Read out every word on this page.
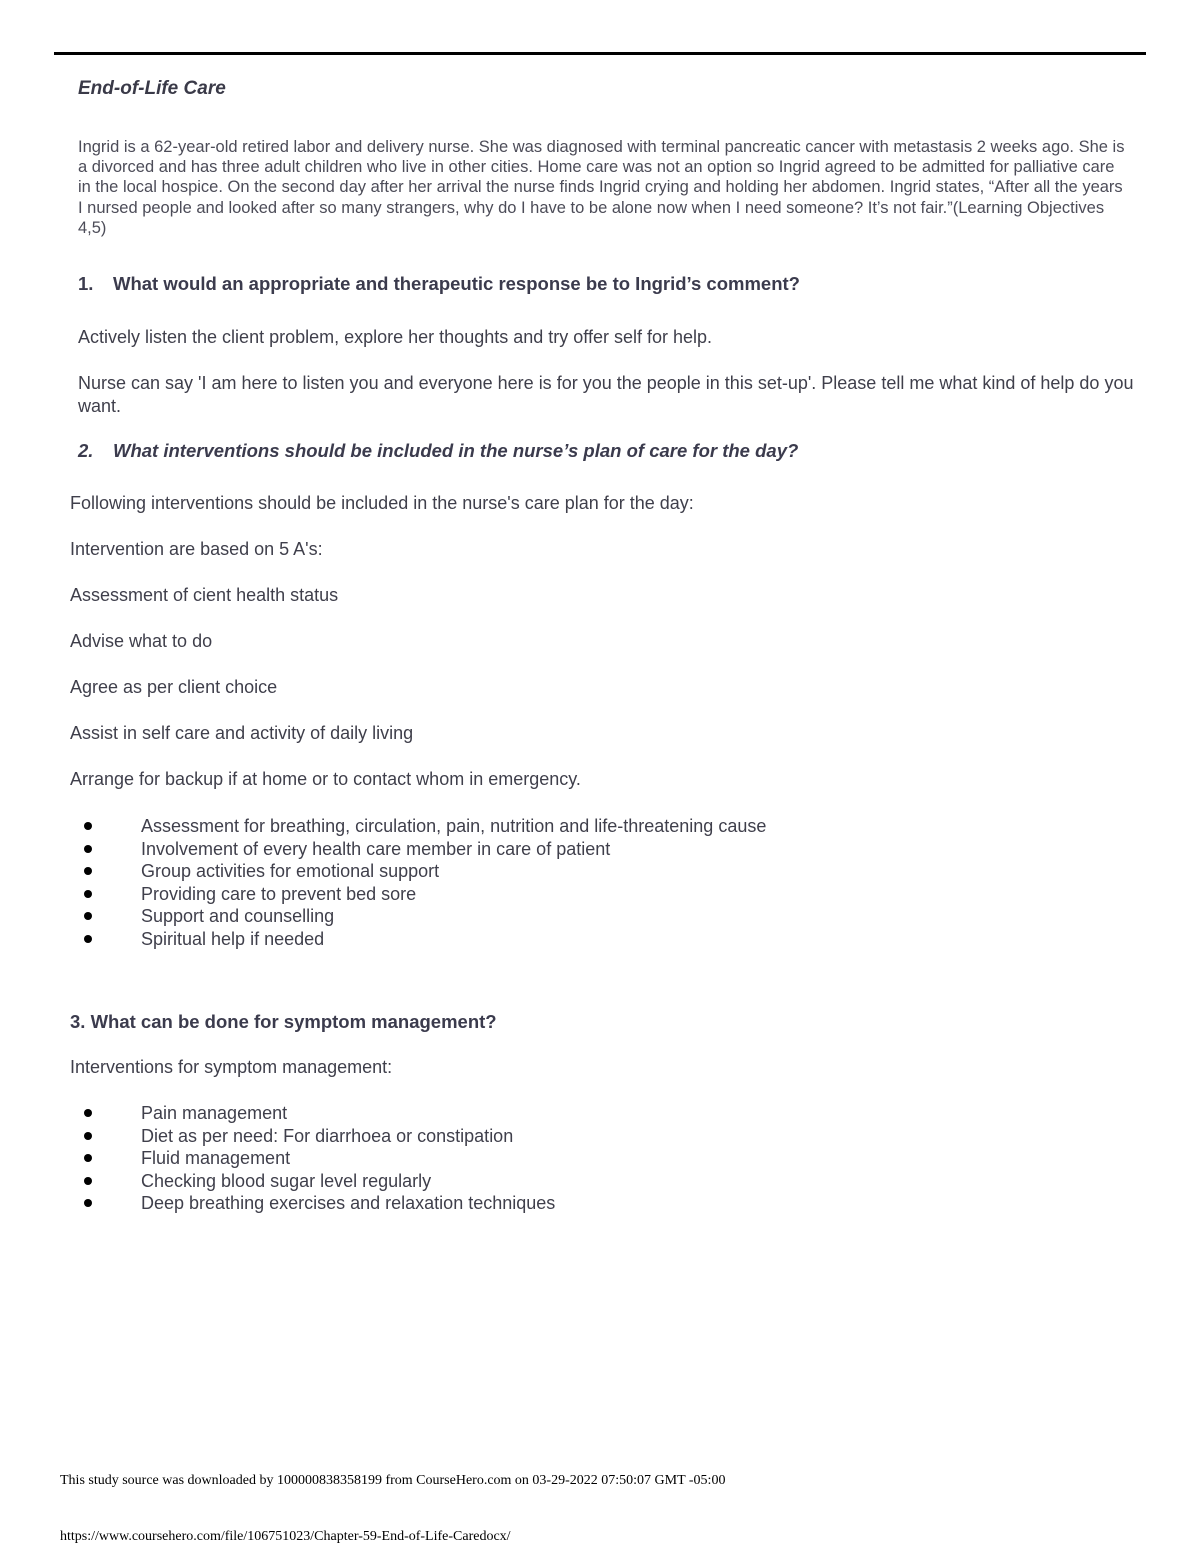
End-of-Life Care

Ingrid is a 62-year-old retired labor and delivery nurse. She was diagnosed with terminal pancreatic cancer with metastasis 2 weeks ago. She is a divorced and has three adult children who live in other cities. Home care was not an option so Ingrid agreed to be admitted for palliative care in the local hospice. On the second day after her arrival the nurse finds Ingrid crying and holding her abdomen. Ingrid states, “After all the years I nursed people and looked after so many strangers, why do I have to be alone now when I need someone? It’s not fair.”(Learning Objectives 4,5)

1. What would an appropriate and therapeutic response be to Ingrid’s comment?

Actively listen the client problem, explore her thoughts and try offer self for help.

Nurse can say 'I am here to listen you and everyone here is for you the people in this set-up'. Please tell me what kind of help do you want.

2. What interventions should be included in the nurse’s plan of care for the day?

Following interventions should be included in the nurse's care plan for the day:

Intervention are based on 5 A's:

Assessment of cient health status

Advise what to do

Agree as per client choice

Assist in self care and activity of daily living

Arrange for backup if at home or to contact whom in emergency.

Assessment for breathing, circulation, pain, nutrition and life-threatening cause
Involvement of every health care member in care of patient
Group activities for emotional support
Providing care to prevent bed sore
Support and counselling
Spiritual help if needed

3. What can be done for symptom management?

Interventions for symptom management:

Pain management
Diet as per need: For diarrhoea or constipation
Fluid management
Checking blood sugar level regularly
Deep breathing exercises and relaxation techniques

This study source was downloaded by 100000838358199 from CourseHero.com on 03-29-2022 07:50:07 GMT -05:00

https://www.coursehero.com/file/106751023/Chapter-59-End-of-Life-Caredocx/
